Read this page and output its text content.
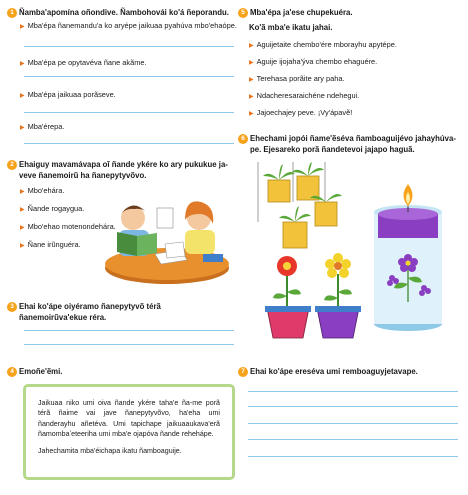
1 Ñamba'apomína oñondive. Ñambohovái ko'á ñeporandu.
▶ Mba'épa ñanemandu'a ko aryépe jaikuaa pyahúva mbo'ehaópe.
▶ Mba'épa pe opytavéva ñane akãme.
▶ Mba'épa jaikuaa porãseve.
▶ Mba'érepa.
2 Ehaiguy mavamávapa oĩ ñande ykére ko ary pukukue ja-veve ñanemoirũ ha ñanepytyvõvo.
▶ Mbo'ehára.
▶ Ñande rogaygua.
▶ Mbo'ehao motenondehára.
▶ Ñane irũnguéra.
3 Ehai ko'ápe oiyéramo ñanepytyvõ térã ñanemoirũva'ekue réra.
4 Emoñe'ẽmi.

Jaikuaa niko umi oiva ñande ykére taha'e ña-me porã térã ñaime vai jave ñanepytyvõvo, ha'eha umi ñanderayhu añetéva. Umi tapichape jaikuaaukava'erã ñamombaʼeteeriha umi mba'e ojapóva ñande rehehápe.

Jahechamita mba'éichapa ikatu ñamboaguije.

5 Mba'épa ja'ese chupekuéra.
Ko'ã mba'e ikatu jahai.
▶ Aguijetaite chembo'ére mborayhu apytépe.
▶ Aguije ijojaha'ýva chembo ehaguére.
▶ Terehasa porãite ary paha.
▶ Ndacheresaraichéne ndehegui.
▶ Jajoechajey peve. ¡Vy'ápavẽ!
6 Ehechami jopói ñame'ẽséva ñamboaguijévo jahayhúva-pe. Ejesareko porã ñandetevoi jajapo haguã.
7 Ehai ko'ápe ereséva umi remboaguyjetavape.
